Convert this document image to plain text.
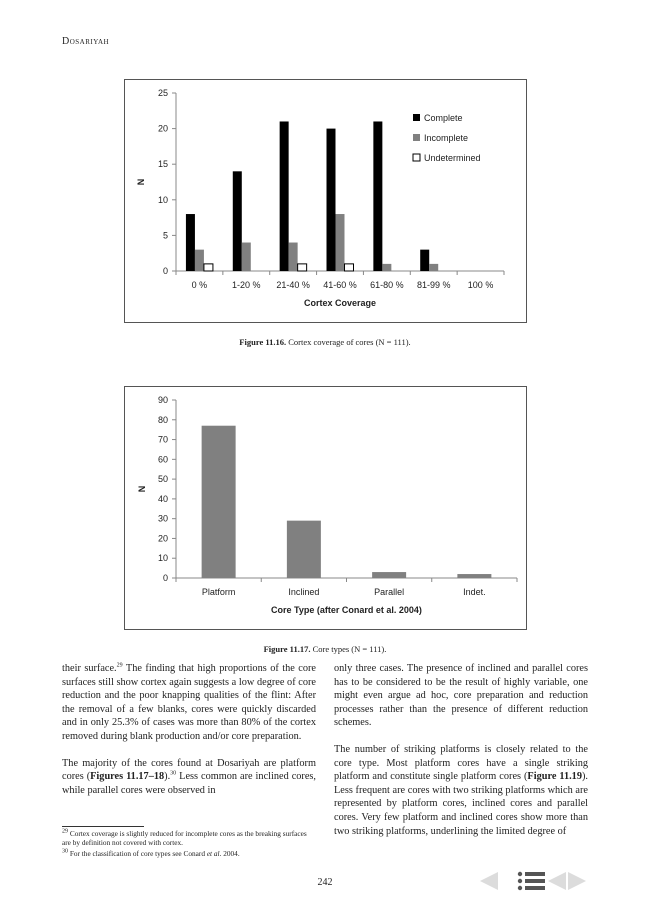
Dosariyah
0
5
10
15
20
25
0 %	1-20 % 21-40 % 41-60 % 61-80 % 81-99 % 100 %
Cortex Coverage
N
Complete
Incomplete
Undetermined
Figure 11.16. Cortex coverage of cores (N = 111).
0
10
20
30
40
50
60
70
80
90
Platform	Inclined	Parallel	Indet.
Core Type (after Conard et al. 2004)
N
Figure 11.17. Core types (N = 111).

their surface.$^{29}$ The finding that high proportions of the core surfaces still show cortex again suggests a low degree of core reduction and the poor knapping qualities of the flint: After the removal of a few blanks, cores were quickly discarded and in only 25.3% of cases was more than 80% of the cortex removed during blank production and/or core preparation.

The majority of the cores found at Dosariyah are platform cores (Figures 11.17–18).$^{30}$ Less common are inclined cores, while parallel cores were observed in

only three cases. The presence of inclined and parallel cores has to be considered to be the result of highly variable, one might even argue ad hoc, core preparation and reduction processes rather than the presence of different reduction schemes.

The number of striking platforms is closely related to the core type. Most platform cores have a single striking platform and constitute single platform cores (Figure 11.19). Less frequent are cores with two striking platforms which are represented by platform cores, inclined cores and parallel cores. Very few platform and inclined cores show more than two striking platforms, underlining the limited degree of

$^{29}$ Cortex coverage is slightly reduced for incomplete cores as the breaking surfaces are by definition not covered with cortex.
$^{30}$ For the classification of core types see Conard et al. 2004.
242
